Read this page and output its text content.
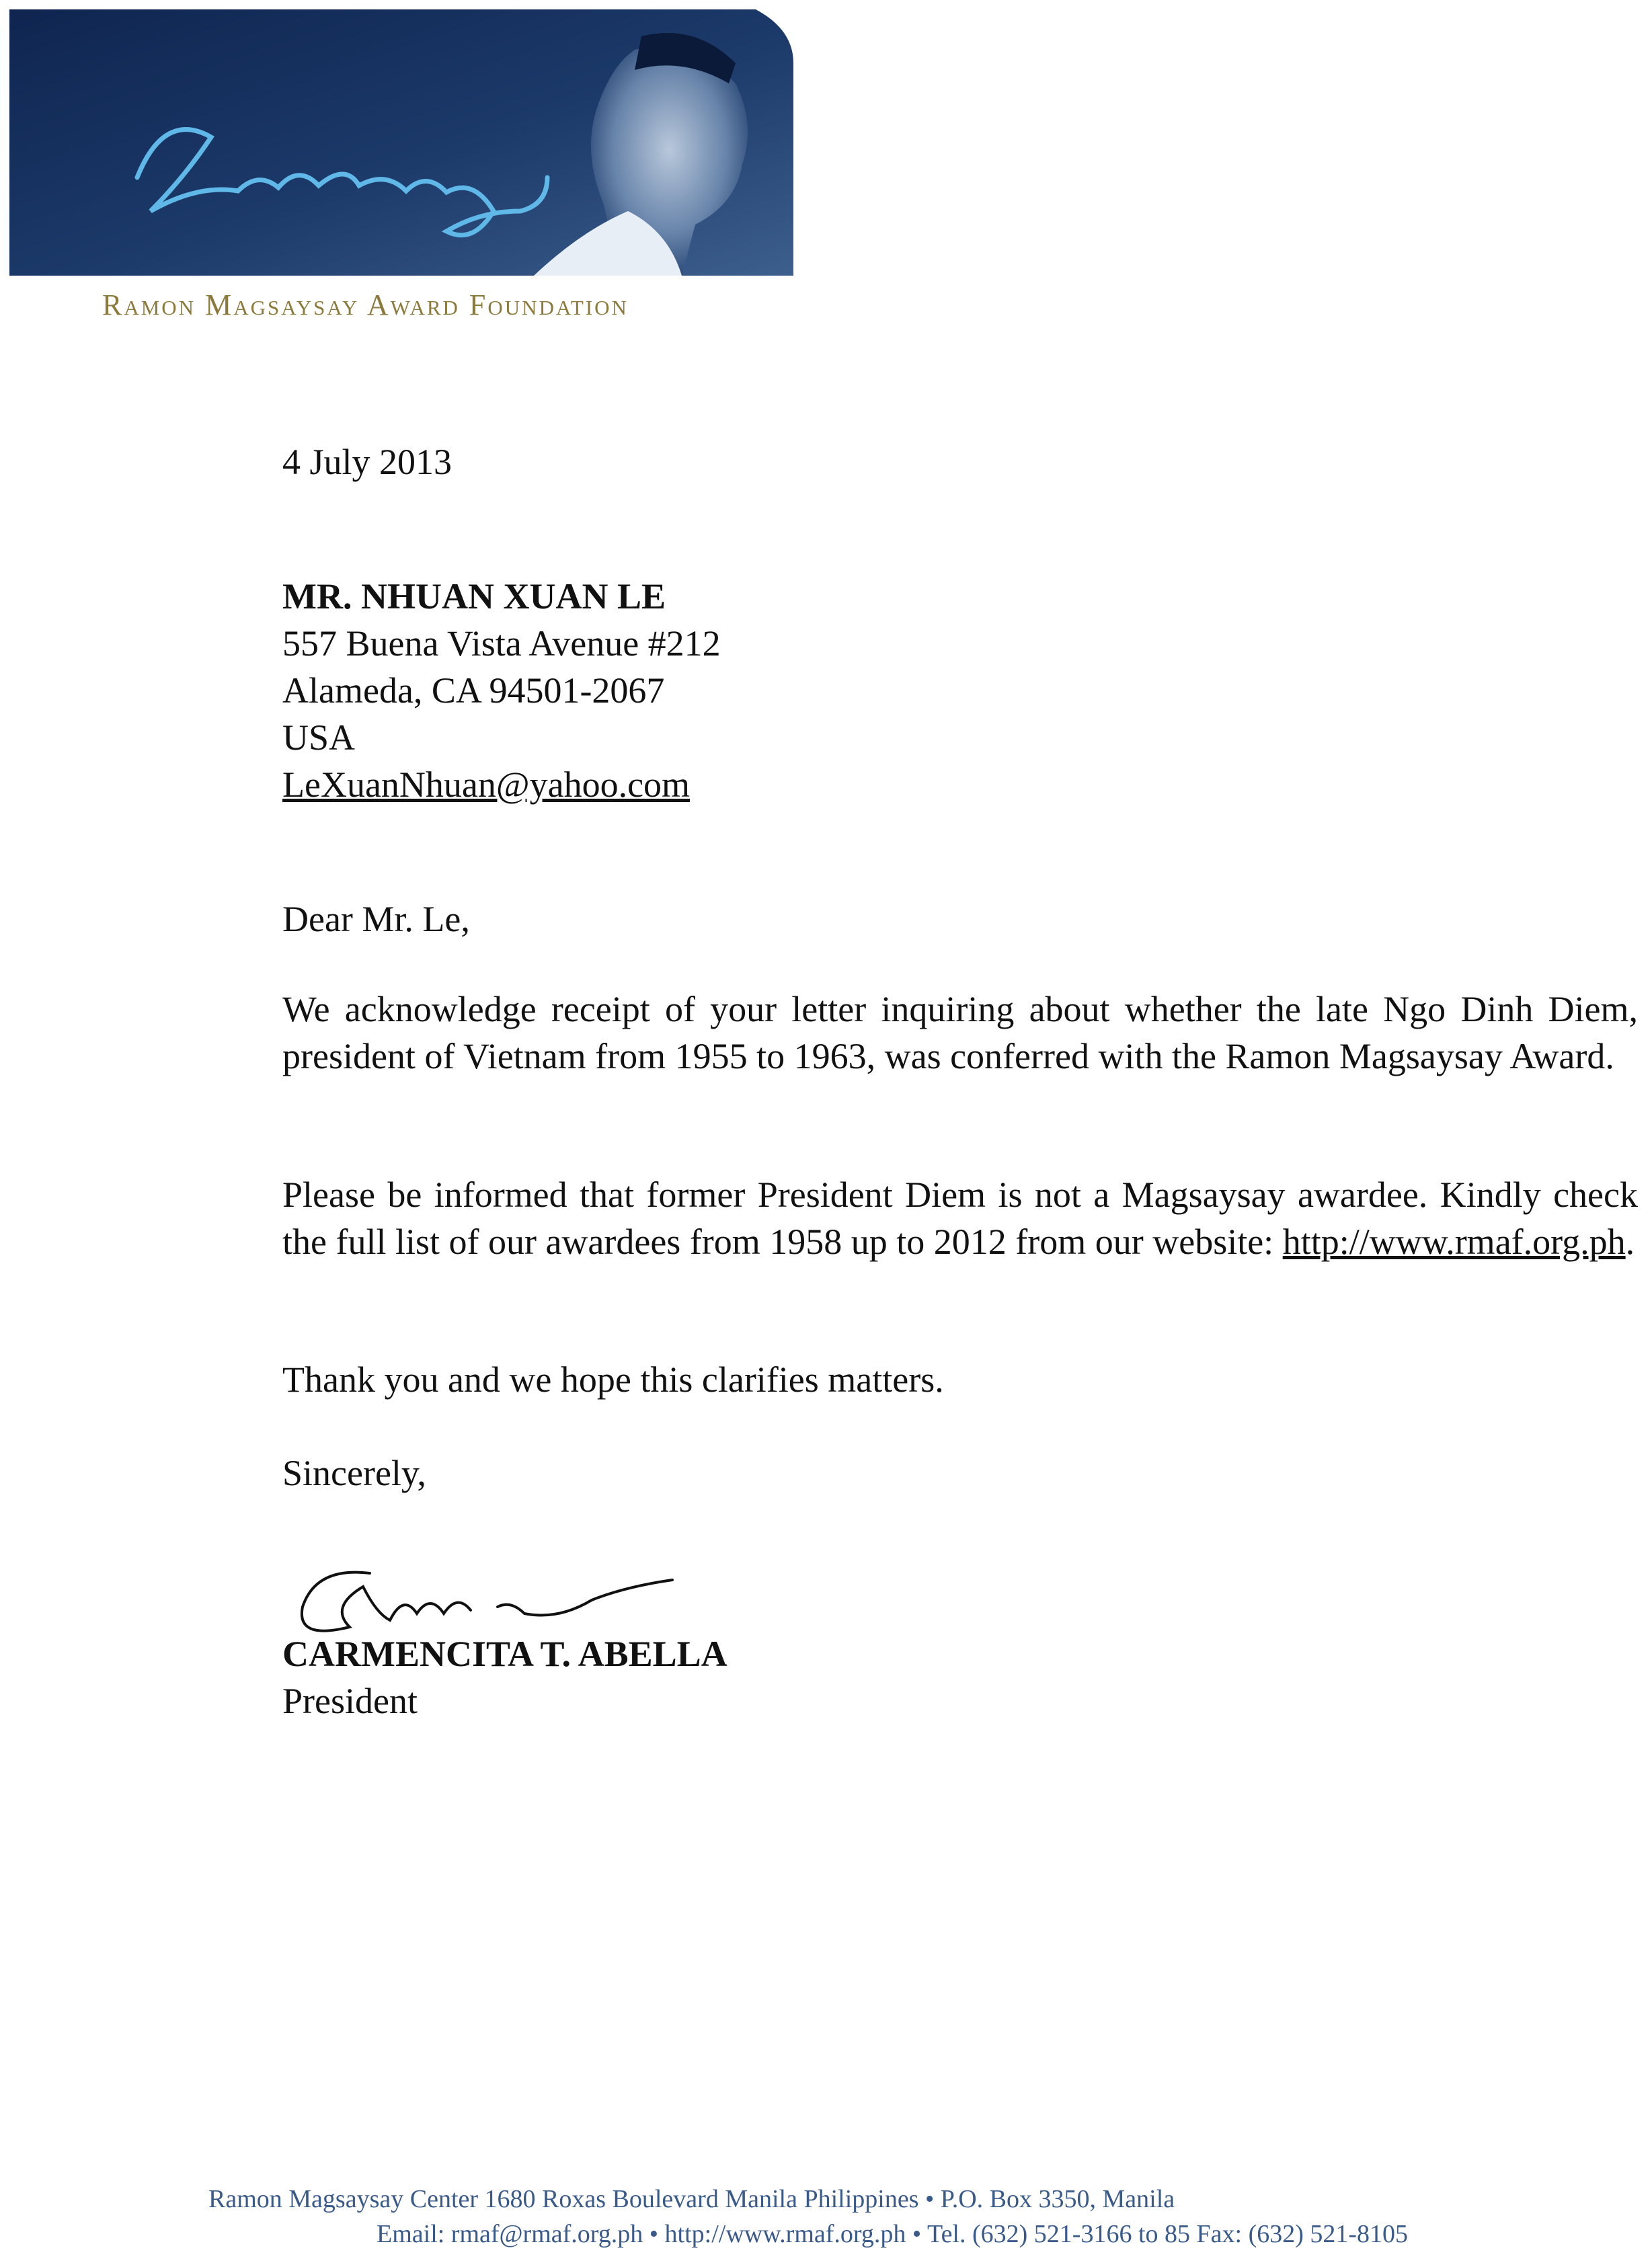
Ramon Magsaysay Award Foundation
4 July 2013
MR. NHUAN XUAN LE
557 Buena Vista Avenue #212
Alameda, CA 94501-2067
USA
LeXuanNhuan@yahoo.com
Dear Mr. Le,
We acknowledge receipt of your letter inquiring about whether the late Ngo Dinh Diem, president of Vietnam from 1955 to 1963, was conferred with the Ramon Magsaysay Award.
Please be informed that former President Diem is not a Magsaysay awardee. Kindly check the full list of our awardees from 1958 up to 2012 from our website: http://www.rmaf.org.ph.
Thank you and we hope this clarifies matters.
Sincerely,
CARMENCITA T. ABELLA
President
Ramon Magsaysay Center 1680 Roxas Boulevard Manila Philippines • P.O. Box 3350, Manila
Email: rmaf@rmaf.org.ph • http://www.rmaf.org.ph • Tel. (632) 521-3166 to 85 Fax: (632) 521-8105
